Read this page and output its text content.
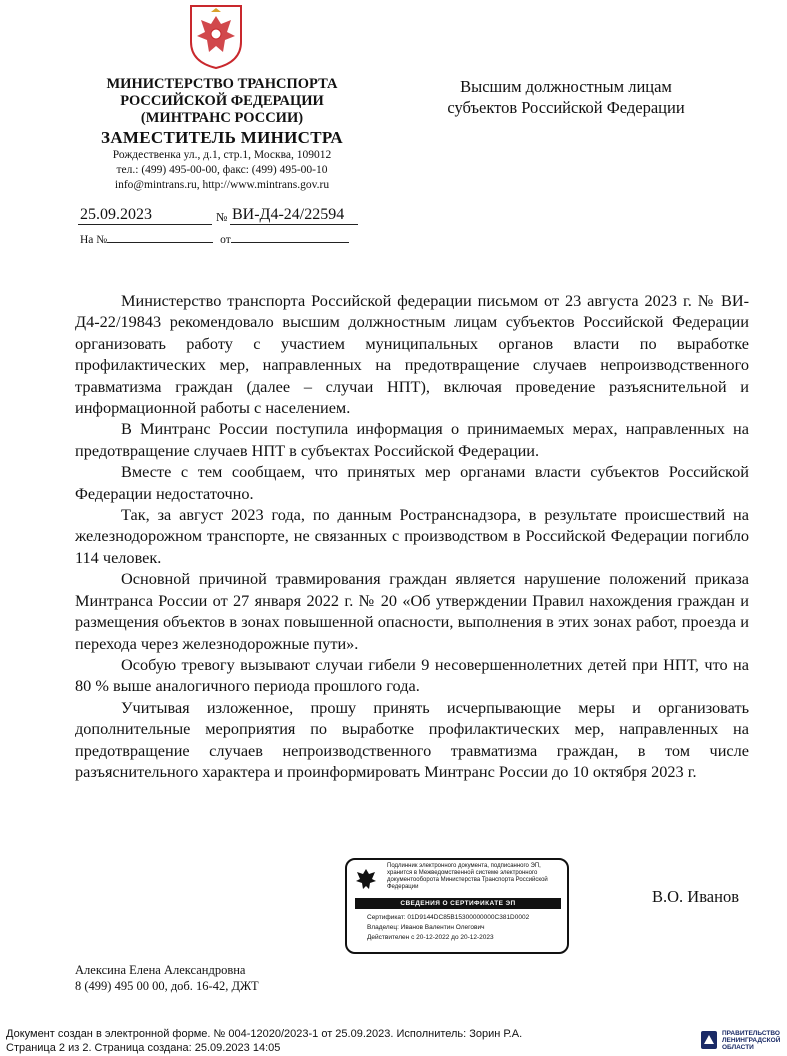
МИНИСТЕРСТВО ТРАНСПОРТА
РОССИЙСКОЙ ФЕДЕРАЦИИ
(МИНТРАНС РОССИИ)
ЗАМЕСТИТЕЛЬ МИНИСТРА
Рождественка ул., д.1, стр.1, Москва, 109012
тел.: (499) 495-00-00, факс: (499) 495-00-10
info@mintrans.ru, http://www.mintrans.gov.ru
Высшим должностным лицам
субъектов Российской Федерации
25.09.2023	№ ВИ-Д4-24/22594
На №	от

Министерство транспорта Российской федерации письмом от 23 августа 2023 г. № ВИ-Д4-22/19843 рекомендовало высшим должностным лицам субъектов Российской Федерации организовать работу с участием муниципальных органов власти по выработке профилактических мер, направленных на предотвращение случаев непроизводственного травматизма граждан (далее – случаи НПТ), включая проведение разъяснительной и информационной работы с населением.

В Минтранс России поступила информация о принимаемых мерах, направленных на предотвращение случаев НПТ в субъектах Российской Федерации.

Вместе с тем сообщаем, что принятых мер органами власти субъектов Российской Федерации недостаточно.

Так, за август 2023 года, по данным Ространснадзора, в результате происшествий на железнодорожном транспорте, не связанных с производством в Российской Федерации погибло 114 человек.

Основной причиной травмирования граждан является нарушение положений приказа Минтранса России от 27 января 2022 г. № 20 «Об утверждении Правил нахождения граждан и размещения объектов в зонах повышенной опасности, выполнения в этих зонах работ, проезда и перехода через железнодорожные пути».

Особую тревогу вызывают случаи гибели 9 несовершеннолетних детей при НПТ, что на 80 % выше аналогичного периода прошлого года.

Учитывая изложенное, прошу принять исчерпывающие меры и организовать дополнительные мероприятия по выработке профилактических мер, направленных на предотвращение случаев непроизводственного травматизма граждан, в том числе разъяснительного характера и проинформировать Минтранс России до 10 октября 2023 г.

Подлинник электронного документа, подписанного ЭП, хранится в Межведомственной системе электронного документооборота Министерства Транспорта Российской Федерации
СВЕДЕНИЯ О СЕРТИФИКАТЕ ЭП
Сертификат: 01D9144DC85B15300000000C381D0002
Владелец: Иванов Валентин Олегович
Действителен с 20-12-2022 до 20-12-2023
В.О. Иванов
Алексина Елена Александровна
8 (499) 495 00 00, доб. 16-42, ДЖТ
Документ создан в электронной форме. № 004-12020/2023-1 от 25.09.2023. Исполнитель: Зорин Р.А.
Страница 2 из 2. Страница создана: 25.09.2023 14:05
ПРАВИТЕЛЬСТВО ЛЕНИНГРАДСКОЙ ОБЛАСТИ
